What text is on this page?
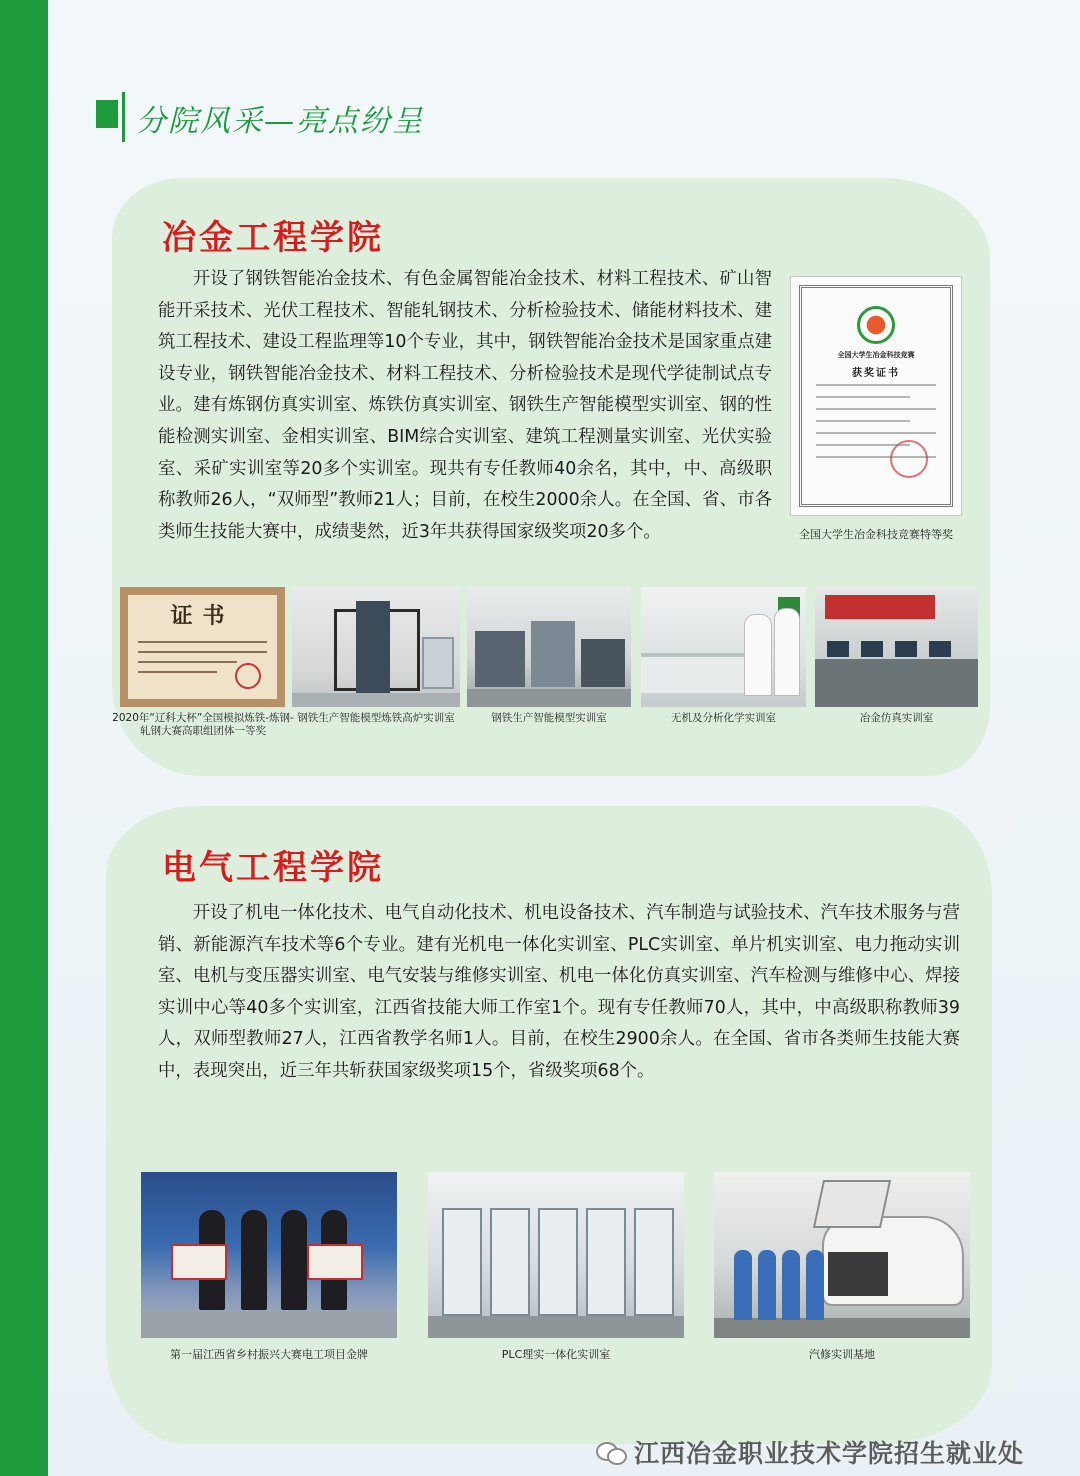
分院风采—亮点纷呈
冶金工程学院

开设了钢铁智能冶金技术、有色金属智能冶金技术、材料工程技术、矿山智能开采技术、光伏工程技术、智能轧钢技术、分析检验技术、储能材料技术、建筑工程技术、建设工程监理等10个专业，其中，钢铁智能冶金技术是国家重点建设专业，钢铁智能冶金技术、材料工程技术、分析检验技术是现代学徒制试点专业。建有炼钢仿真实训室、炼铁仿真实训室、钢铁生产智能模型实训室、钢的性能检测实训室、金相实训室、BIM综合实训室、建筑工程测量实训室、光伏实验室、采矿实训室等20多个实训室。现共有专任教师40余名，其中，中、高级职称教师26人，“双师型”教师21人；目前，在校生2000余人。在全国、省、市各类师生技能大赛中，成绩斐然，近3年共获得国家级奖项20多个。

全国大学生冶金科技竞赛
获奖证书
全国大学生冶金科技竞赛特等奖
证书
2020年“辽科大杯”全国模拟炼铁-炼钢-轧钢大赛高职组团体一等奖
钢铁生产智能模型炼铁高炉实训室	钢铁生产智能模型实训室	无机及分析化学实训室	冶金仿真实训室
电气工程学院

开设了机电一体化技术、电气自动化技术、机电设备技术、汽车制造与试验技术、汽车技术服务与营销、新能源汽车技术等6个专业。建有光机电一体化实训室、PLC实训室、单片机实训室、电力拖动实训室、电机与变压器实训室、电气安装与维修实训室、机电一体化仿真实训室、汽车检测与维修中心、焊接实训中心等40多个实训室，江西省技能大师工作室1个。现有专任教师70人，其中，中高级职称教师39人，双师型教师27人，江西省教学名师1人。目前，在校生2900余人。在全国、省市各类师生技能大赛中，表现突出，近三年共斩获国家级奖项15个，省级奖项68个。

第一届江西省乡村振兴大赛电工项目金牌	PLC理实一体化实训室	汽修实训基地
江西冶金职业技术学院招生就业处
